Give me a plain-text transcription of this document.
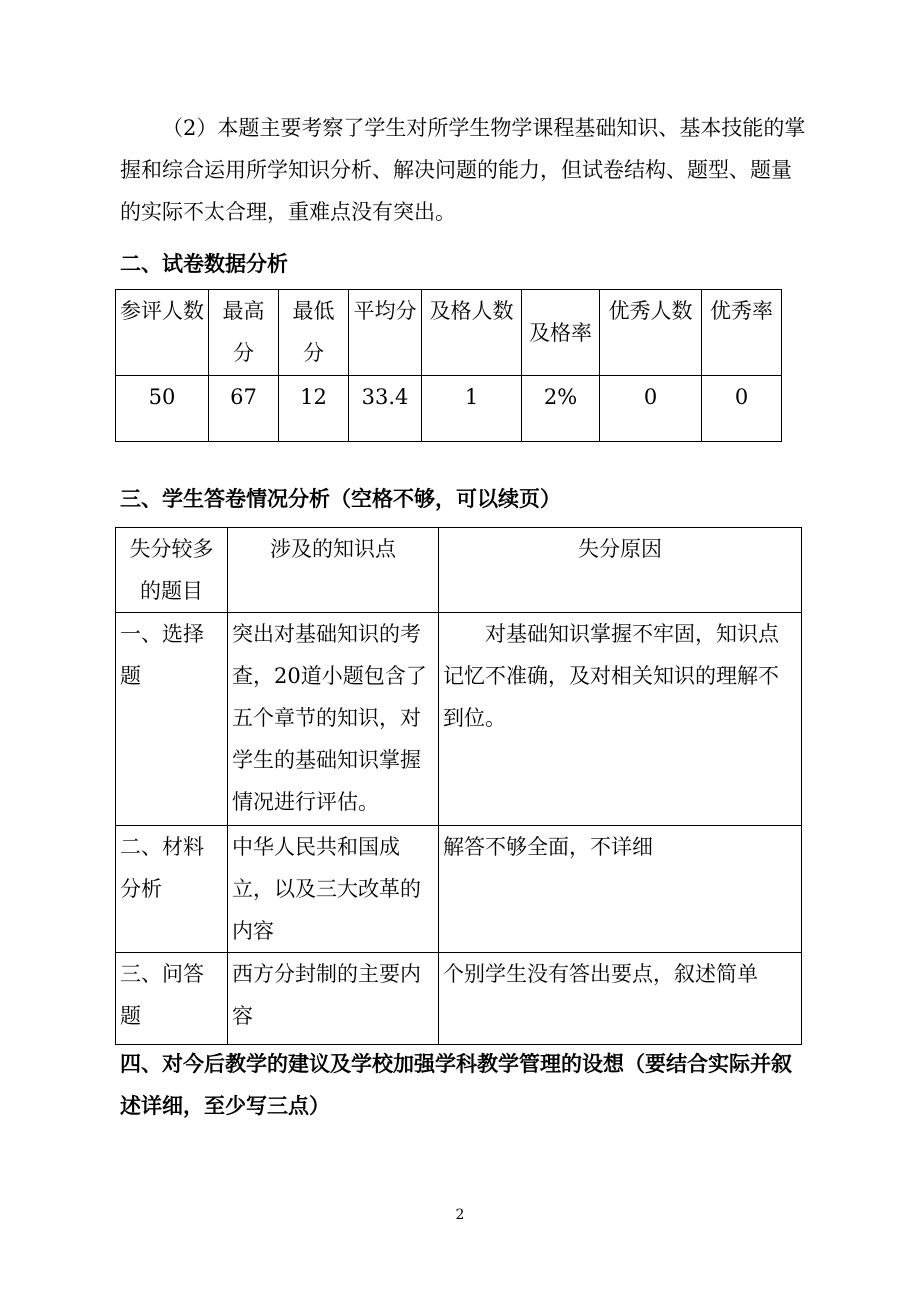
（2）本题主要考察了学生对所学生物学课程基础知识、基本技能的掌握和综合运用所学知识分析、解决问题的能力，但试卷结构、题型、题量的实际不太合理，重难点没有突出。
二、试卷数据分析
参评人数	最高分	最低分	平均分	及格人数	及格率	优秀人数	优秀率
50	67	12	33.4	1	2%	0	0
三、学生答卷情况分析（空格不够，可以续页）
失分较多的题目	涉及的知识点	失分原因
一、选择题	突出对基础知识的考查，20道小题包含了五个章节的知识，对学生的基础知识掌握情况进行评估。	对基础知识掌握不牢固，知识点记忆不准确，及对相关知识的理解不到位。

二、材料分析	中华人民共和国成立，以及三大改革的内容	解答不够全面，不详细
三、问答题	西方分封制的主要内容	个别学生没有答出要点，叙述简单
四、对今后教学的建议及学校加强学科教学管理的设想（要结合实际并叙述详细，至少写三点）
2
